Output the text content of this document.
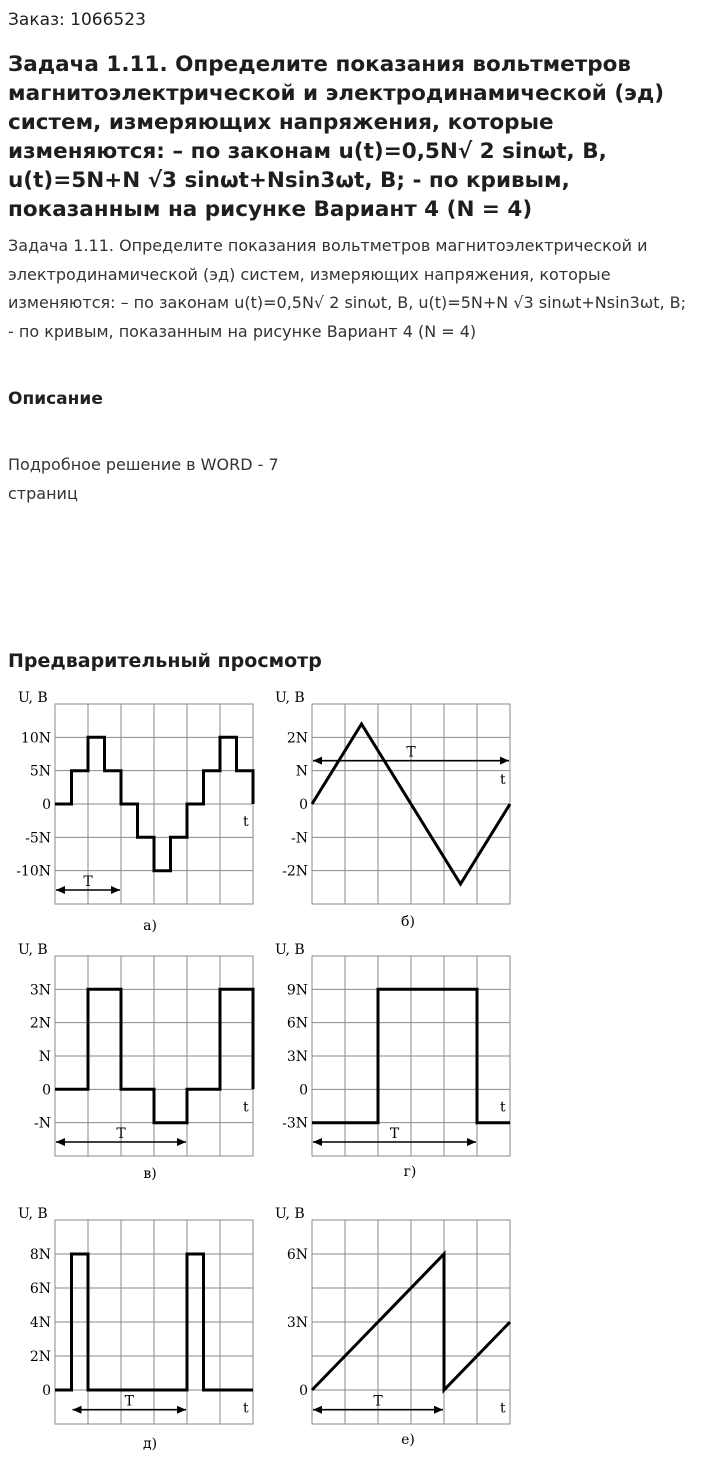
Заказ: 1066523
Задача 1.11. Определите показания вольтметров магнитоэлектрической и электродинамической (эд) систем, измеряющих напряжения, которые изменяются: – по законам u(t)=0,5N√ 2 sinωt, В, u(t)=5N+N √3 sinωt+Nsin3ωt, В; - по кривым, показанным на рисунке Вариант 4 (N = 4)
Задача 1.11. Определите показания вольтметров магнитоэлектрической и электродинамической (эд) систем, измеряющих напряжения, которые изменяются: – по законам u(t)=0,5N√ 2 sinωt, В, u(t)=5N+N √3 sinωt+Nsin3ωt, В; - по кривым, показанным на рисунке Вариант 4 (N = 4)
Описание
Подробное решение в WORD - 7 страниц
Предварительный просмотр
10N
5N
0
-5N
-10N
U, В
T
t
а)
2N
N
0
-N
-2N
U, В
T
t
б)
3N
2N
N
0
-N
U, В
T
t
в)
9N
6N
3N
0
-3N
U, В
T
t
г)
8N
6N
4N
2N
0
U, В
T	t
д)
6N
3N
0
U, В
T	t
е)
